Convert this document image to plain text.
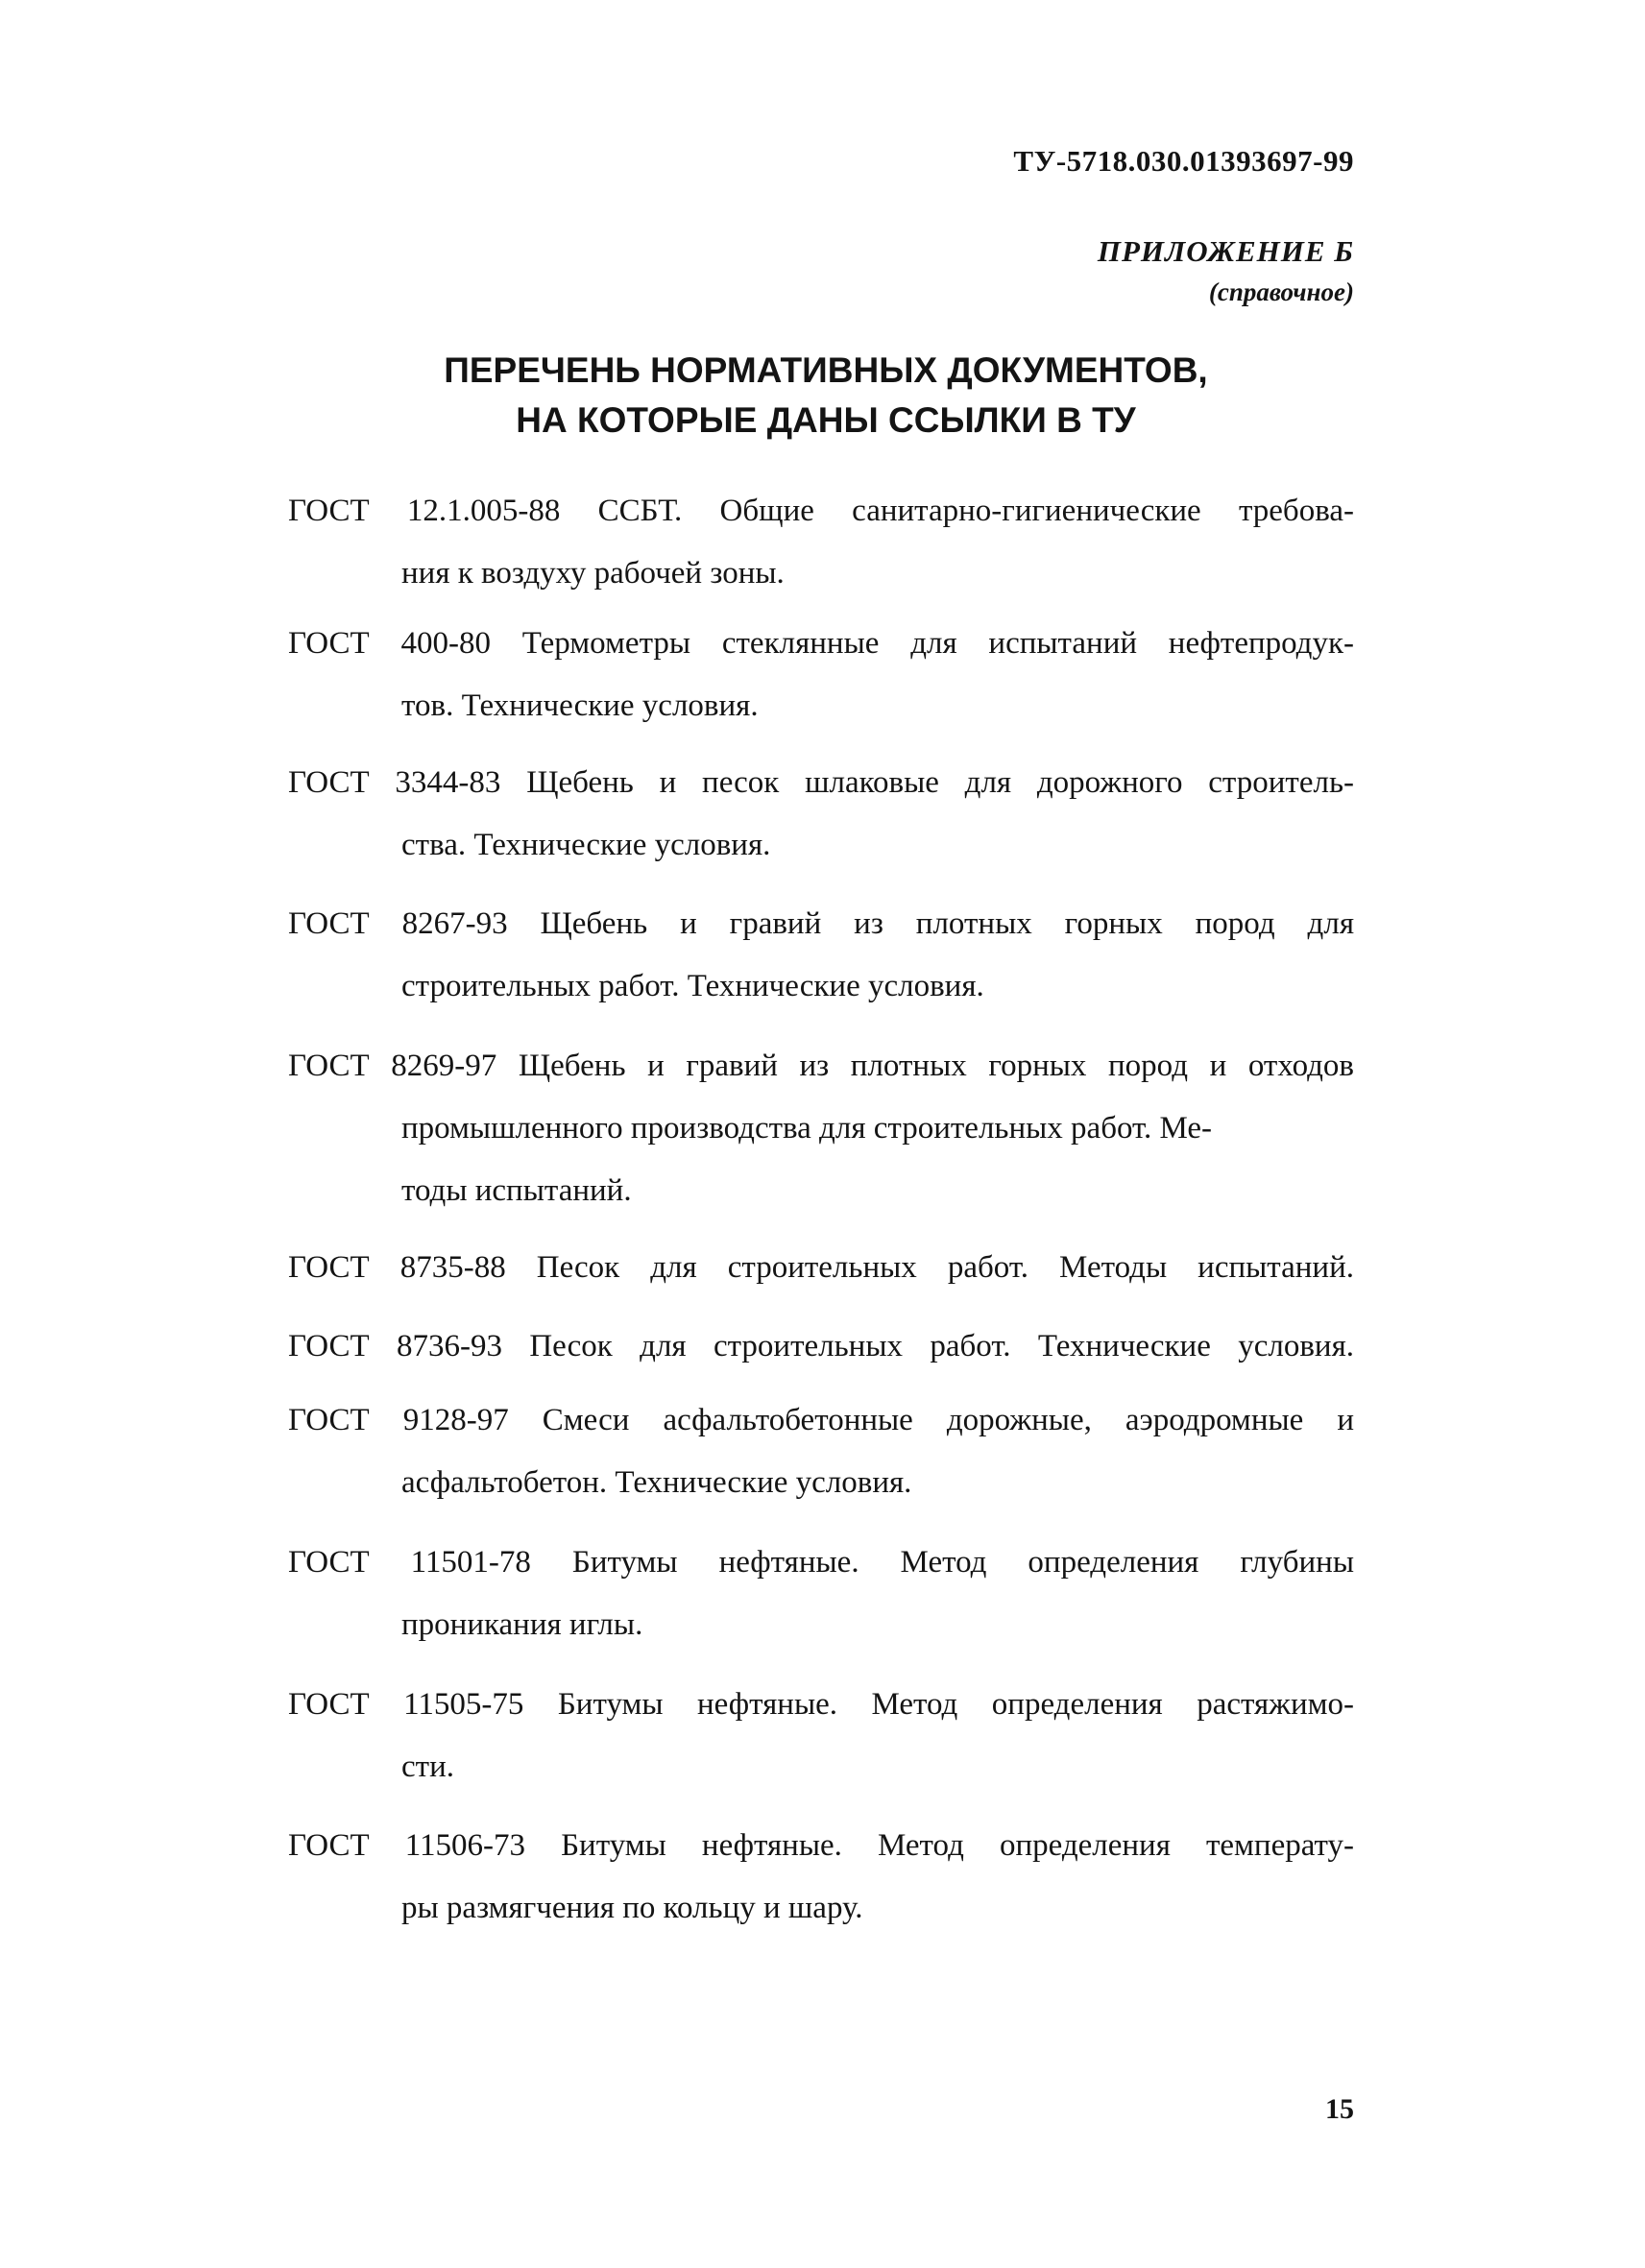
ТУ-5718.030.01393697-99
ПРИЛОЖЕНИЕ Б
(справочное)
ПЕРЕЧЕНЬ НОРМАТИВНЫХ ДОКУМЕНТОВ,
НА КОТОРЫЕ ДАНЫ ССЫЛКИ В ТУ
ГОСТ 12.1.005-88 ССБТ. Общие санитарно-гигиенические требова-
ния к воздуху рабочей зоны.
ГОСТ 400-80 Термометры стеклянные для испытаний нефтепродук-
тов. Технические условия.
ГОСТ 3344-83 Щебень и песок шлаковые для дорожного строитель-
ства. Технические условия.
ГОСТ 8267-93 Щебень и гравий из плотных горных пород для
строительных работ. Технические условия.
ГОСТ 8269-97 Щебень и гравий из плотных горных пород и отходов
промышленного производства для строительных работ. Ме-
тоды испытаний.
ГОСТ 8735-88 Песок для строительных работ. Методы испытаний.
ГОСТ 8736-93 Песок для строительных работ. Технические условия.
ГОСТ 9128-97 Смеси асфальтобетонные дорожные, аэродромные и
асфальтобетон. Технические условия.
ГОСТ 11501-78 Битумы нефтяные. Метод определения глубины
проникания иглы.
ГОСТ 11505-75 Битумы нефтяные. Метод определения растяжимо-
сти.
ГОСТ 11506-73 Битумы нефтяные. Метод определения температу-
ры размягчения по кольцу и шару.
15
